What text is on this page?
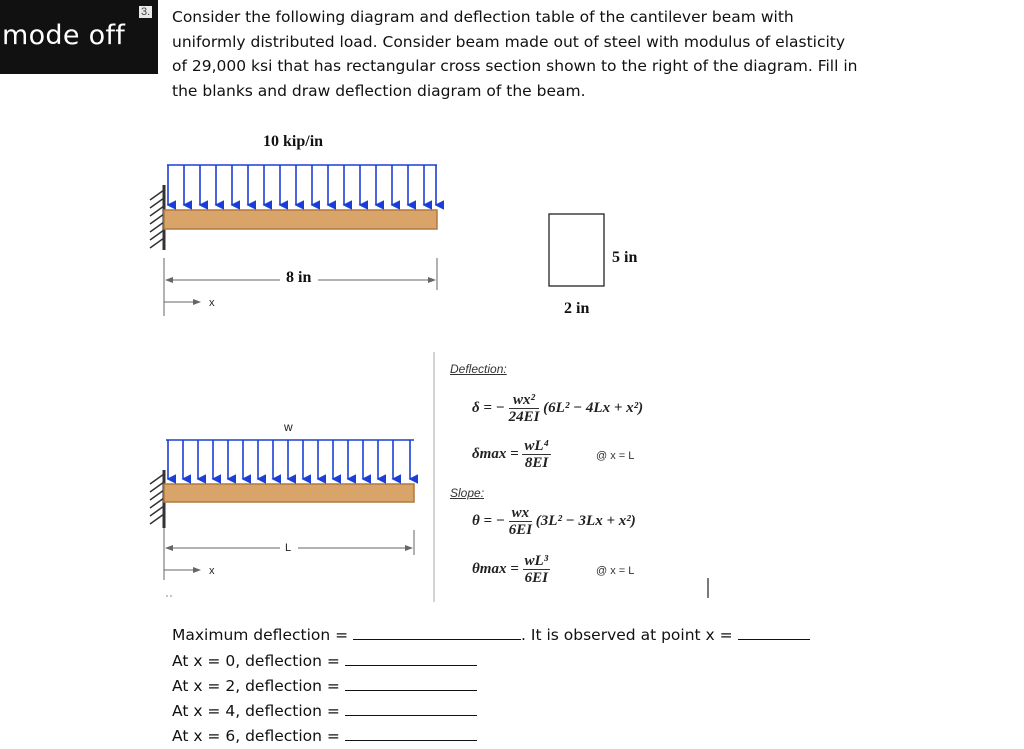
mode off
3. Consider the following diagram and deflection table of the cantilever beam with
uniformly distributed load. Consider beam made out of steel with modulus of elasticity
of 29,000 ksi that has rectangular cross section shown to the right of the diagram. Fill in
the blanks and draw deflection diagram of the beam.
10 kip/in
8 in
x
5 in
2 in
w
L
x
Deflection:
δ = − $\frac{\text{wx²}}{24EI} (6L^2 - 4Lx + x^2)$
$\delta\max = \frac{\text{wL⁴}}{8EI}$	@ x = L
Slope:
θ = − $\frac{wx}{6EI} (3L^2 - 3Lx + x^2)$
$\theta\max = \frac{\text{wL³}}{6EI}$	@ x = L
Maximum deflection =	. It is observed at point x =
At x = 0, deflection =
At x = 2, deflection =
At x = 4, deflection =
At x = 6, deflection =
